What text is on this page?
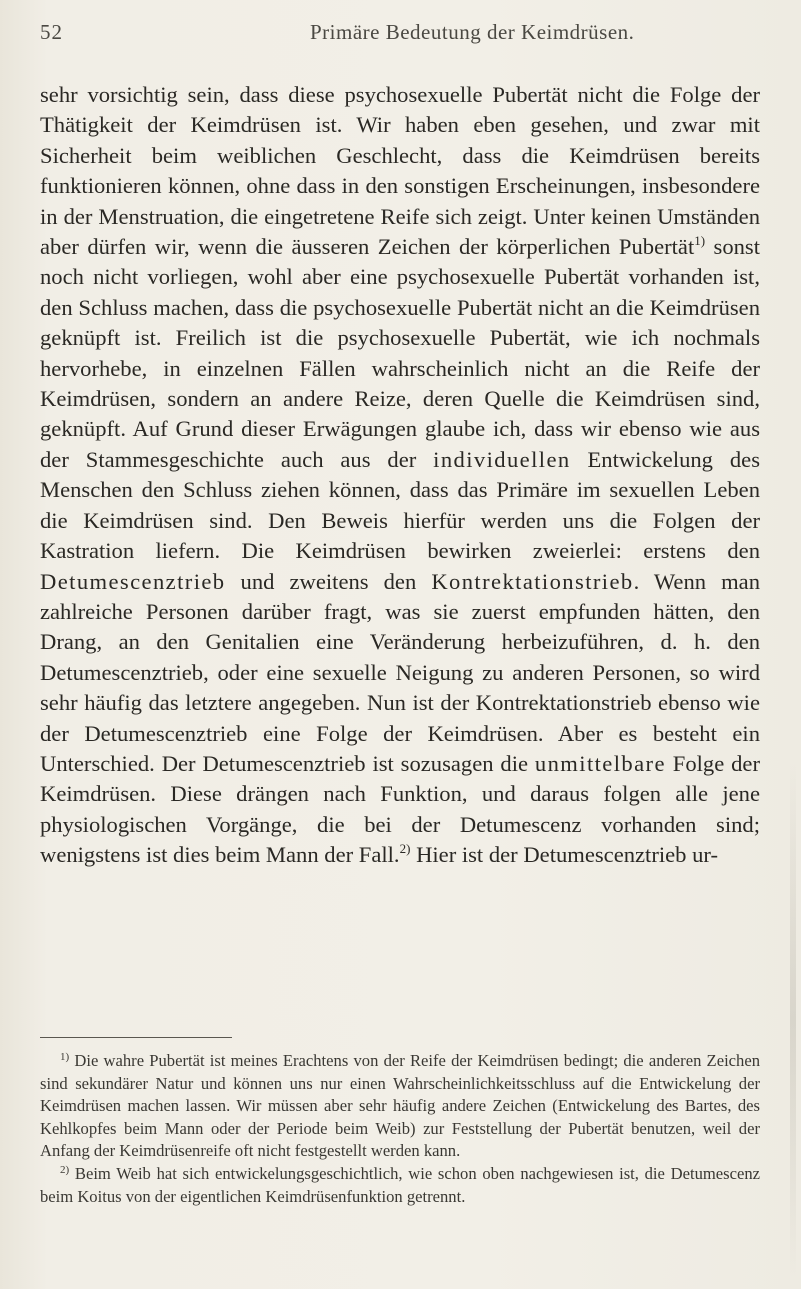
52	Primäre Bedeutung der Keimdrüsen.

sehr vorsichtig sein, dass diese psychosexuelle Pubertät nicht die Folge der Thätigkeit der Keimdrüsen ist. Wir haben eben gesehen, und zwar mit Sicherheit beim weiblichen Geschlecht, dass die Keimdrüsen bereits funktionieren können, ohne dass in den sonstigen Erscheinungen, insbesondere in der Menstruation, die eingetretene Reife sich zeigt. Unter keinen Umständen aber dürfen wir, wenn die äusseren Zeichen der körperlichen Pubertät$^{1)}$ sonst noch nicht vorliegen, wohl aber eine psychosexuelle Pubertät vorhanden ist, den Schluss machen, dass die psychosexuelle Pubertät nicht an die Keimdrüsen geknüpft ist. Freilich ist die psychosexuelle Pubertät, wie ich nochmals hervorhebe, in einzelnen Fällen wahrscheinlich nicht an die Reife der Keimdrüsen, sondern an andere Reize, deren Quelle die Keimdrüsen sind, geknüpft. Auf Grund dieser Erwägungen glaube ich, dass wir ebenso wie aus der Stammesgeschichte auch aus der individuellen Entwickelung des Menschen den Schluss ziehen können, dass das Primäre im sexuellen Leben die Keimdrüsen sind. Den Beweis hierfür werden uns die Folgen der Kastration liefern. Die Keimdrüsen bewirken zweierlei: erstens den Detumescenztrieb und zweitens den Kontrektationstrieb. Wenn man zahlreiche Personen darüber fragt, was sie zuerst empfunden hätten, den Drang, an den Genitalien eine Veränderung herbeizuführen, d. h. den Detumescenztrieb, oder eine sexuelle Neigung zu anderen Personen, so wird sehr häufig das letztere angegeben. Nun ist der Kontrektationstrieb ebenso wie der Detumescenztrieb eine Folge der Keimdrüsen. Aber es besteht ein Unterschied. Der Detumescenztrieb ist sozusagen die unmittelbare Folge der Keimdrüsen. Diese drängen nach Funktion, und daraus folgen alle jene physiologischen Vorgänge, die bei der Detumescenz vorhanden sind; wenigstens ist dies beim Mann der Fall.$^{2)}$ Hier ist der Detumescenztrieb ur-

$^{1)}$ Die wahre Pubertät ist meines Erachtens von der Reife der Keimdrüsen bedingt; die anderen Zeichen sind sekundärer Natur und können uns nur einen Wahrscheinlichkeitsschluss auf die Entwickelung der Keimdrüsen machen lassen. Wir müssen aber sehr häufig andere Zeichen (Entwickelung des Bartes, des Kehlkopfes beim Mann oder der Periode beim Weib) zur Feststellung der Pubertät benutzen, weil der Anfang der Keimdrüsenreife oft nicht festgestellt werden kann.

$^{2)}$ Beim Weib hat sich entwickelungsgeschichtlich, wie schon oben nachgewiesen ist, die Detumescenz beim Koitus von der eigentlichen Keimdrüsenfunktion getrennt.
